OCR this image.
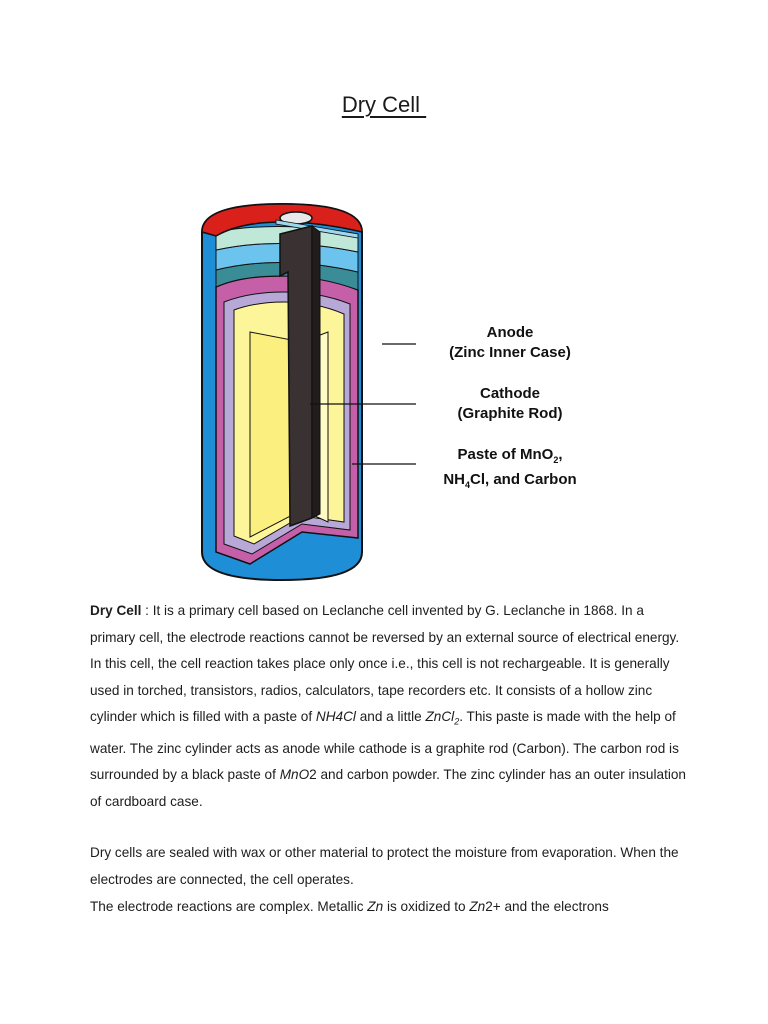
Dry Cell
Anode
(Zinc Inner Case)
Cathode
(Graphite Rod)
Paste of MnO$_2$,
$NH_4Cl$, and Carbon

Dry Cell : It is a primary cell based on Leclanche cell invented by G. Leclanche in 1868. In a primary cell, the electrode reactions cannot be reversed by an external source of electrical energy. In this cell, the cell reaction takes place only once i.e., this cell is not rechargeable. It is generally used in torched, transistors, radios, calculators, tape recorders etc. It consists of a hollow zinc cylinder which is filled with a paste of NH4Cl and a little ZnCl$_2$. This paste is made with the help of water. The zinc cylinder acts as anode while cathode is a graphite rod (Carbon). The carbon rod is surrounded by a black paste of MnO2 and carbon powder. The zinc cylinder has an outer insulation of cardboard case.

Dry cells are sealed with wax or other material to protect the moisture from evaporation. When the electrodes are connected, the cell operates.

The electrode reactions are complex. Metallic Zn is oxidized to Zn2+ and the electrons
